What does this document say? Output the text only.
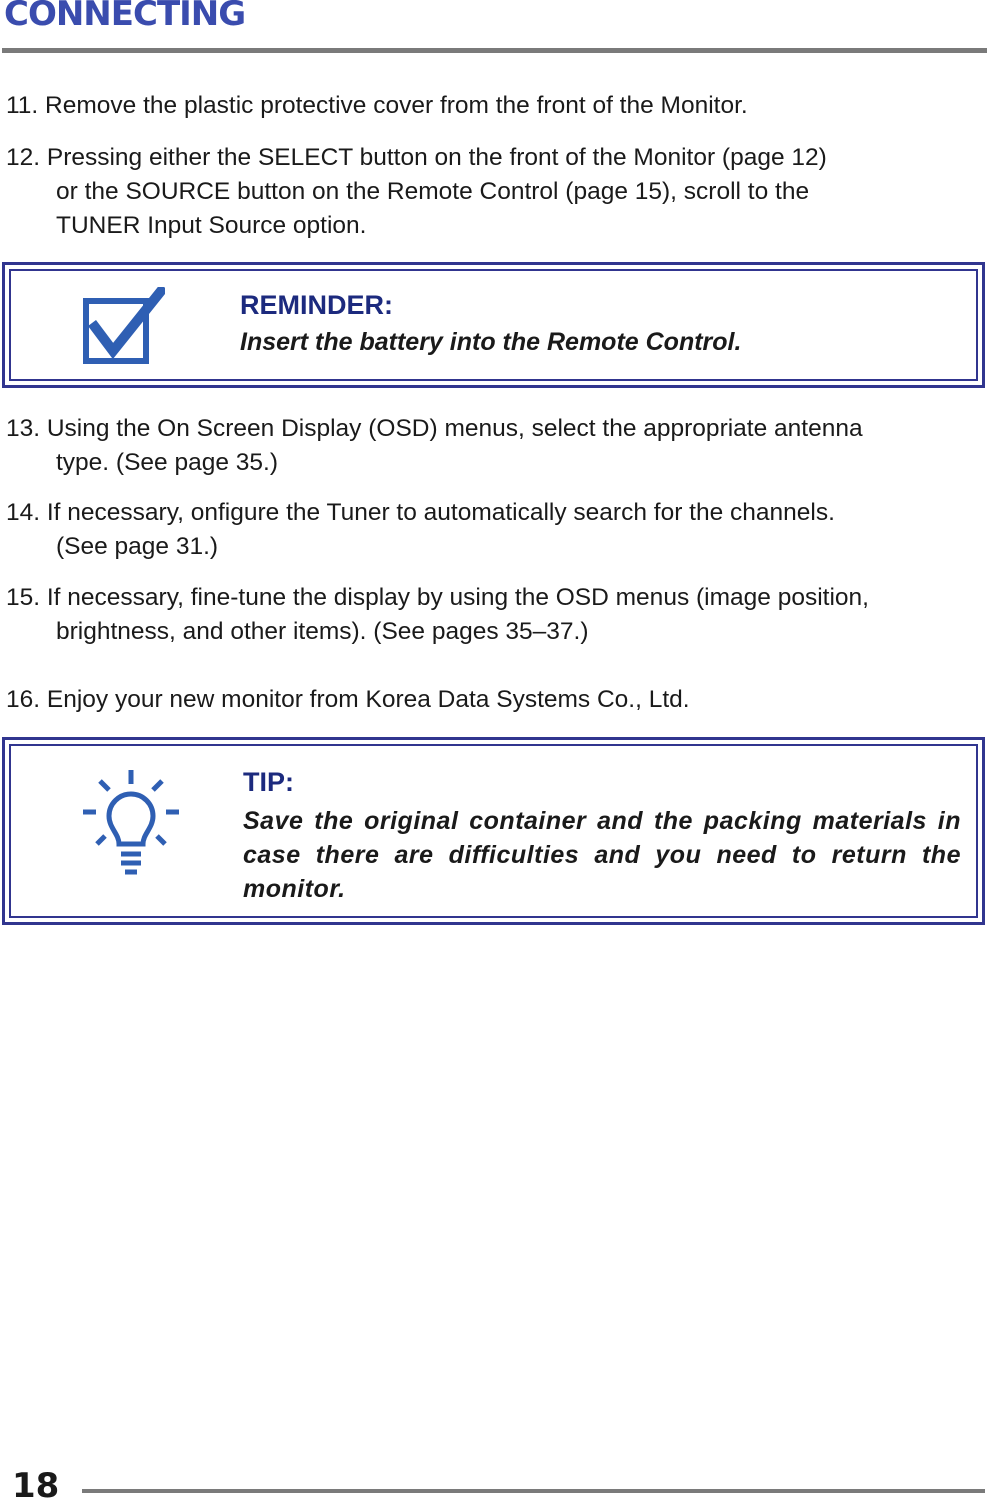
CONNECTING

11. Remove the plastic protective cover from the front of the Monitor.

12. Pressing either the SELECT button on the front of the Monitor (page 12)
or the SOURCE button on the Remote Control (page 15), scroll to the
TUNER Input Source option.

REMINDER:

Insert the battery into the Remote Control.

13. Using the On Screen Display (OSD) menus, select the appropriate antenna
type. (See page 35.)

14. If necessary, onfigure the Tuner to automatically search for the channels.
(See page 31.)

15. If necessary, fine-tune the display by using the OSD menus (image position,
brightness, and other items). (See pages 35–37.)

16. Enjoy your new monitor from Korea Data Systems Co., Ltd.

TIP:

Save the original container and the packing materials in case there are difficulties and you need to return the monitor.

18
